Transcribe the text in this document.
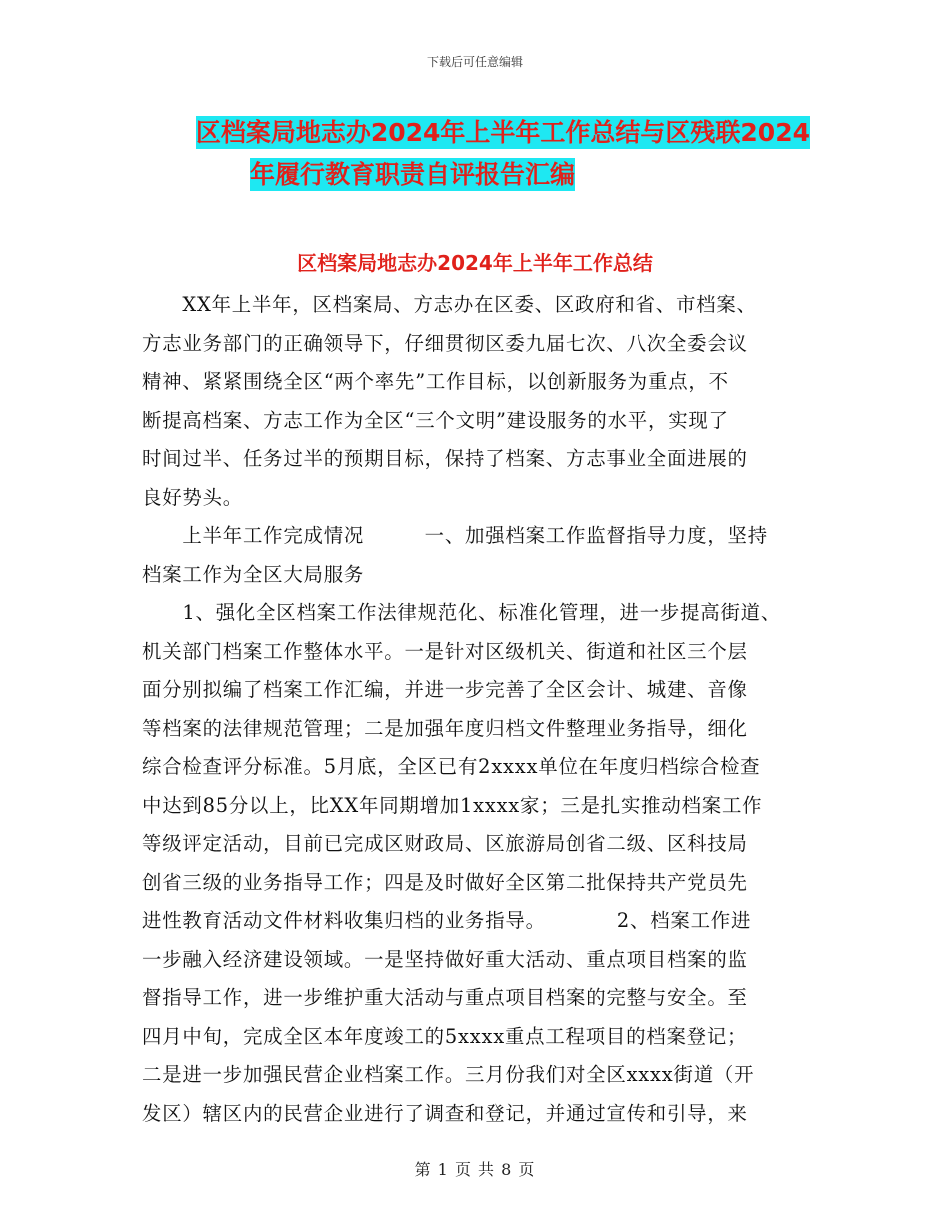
下载后可任意编辑
区档案局地志办2024年上半年工作总结与区残联2024
年履行教育职责自评报告汇编
区档案局地志办2024年上半年工作总结
　　XX年上半年，区档案局、方志办在区委、区政府和省、市档案、
方志业务部门的正确领导下，仔细贯彻区委九届七次、八次全委会议
精神、紧紧围绕全区“两个率先”工作目标，以创新服务为重点，不
断提高档案、方志工作为全区“三个文明”建设服务的水平，实现了
时间过半、任务过半的预期目标，保持了档案、方志事业全面进展的
良好势头。
　　上半年工作完成情况　　　一、加强档案工作监督指导力度，坚持
档案工作为全区大局服务
　　1、强化全区档案工作法律规范化、标准化管理，进一步提高街道、
机关部门档案工作整体水平。一是针对区级机关、街道和社区三个层
面分别拟编了档案工作汇编，并进一步完善了全区会计、城建、音像
等档案的法律规范管理；二是加强年度归档文件整理业务指导，细化
综合检查评分标准。5月底，全区已有2xxxx单位在年度归档综合检查
中达到85分以上，比XX年同期增加1xxxx家；三是扎实推动档案工作
等级评定活动，目前已完成区财政局、区旅游局创省二级、区科技局
创省三级的业务指导工作；四是及时做好全区第二批保持共产党员先
进性教育活动文件材料收集归档的业务指导。　　　　2、档案工作进
一步融入经济建设领域。一是坚持做好重大活动、重点项目档案的监
督指导工作，进一步维护重大活动与重点项目档案的完整与安全。至
四月中旬，完成全区本年度竣工的5xxxx重点工程项目的档案登记；
二是进一步加强民营企业档案工作。三月份我们对全区xxxx街道（开
发区）辖区内的民营企业进行了调查和登记，并通过宣传和引导，来
第 1 页 共 8 页
